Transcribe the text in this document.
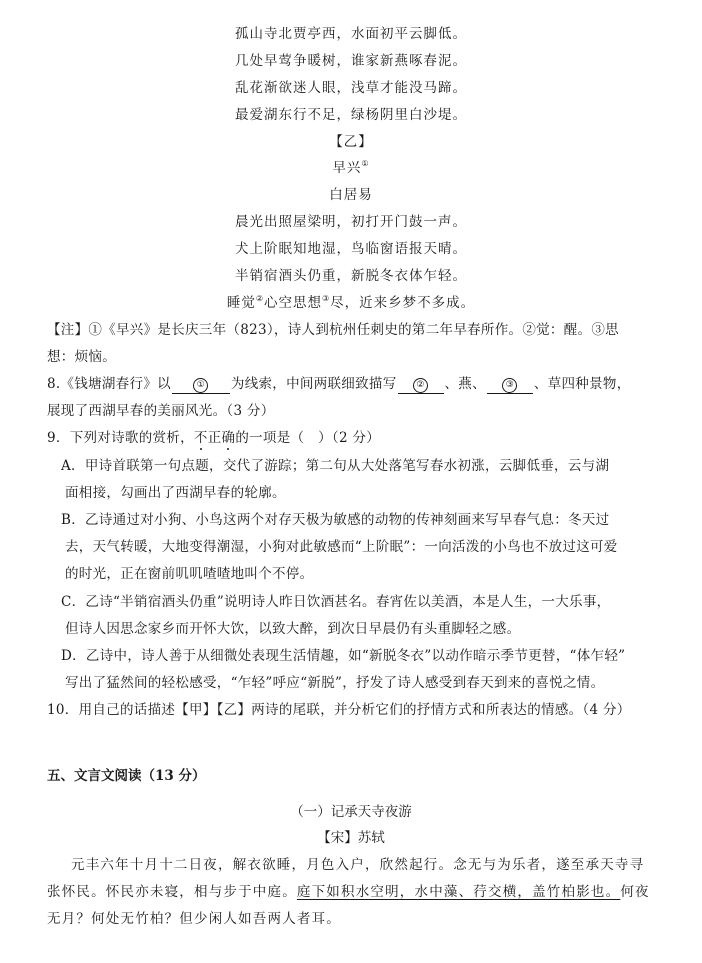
孤山寺北贾亭西，水面初平云脚低。
几处早莺争暖树，谁家新燕啄春泥。
乱花渐欲迷人眼，浅草才能没马蹄。
最爱湖东行不足，绿杨阴里白沙堤。
【乙】
早兴①
白居易
晨光出照屋梁明，初打开门鼓一声。
犬上阶眠知地湿，鸟临窗语报天晴。
半销宿酒头仍重，新脱冬衣体乍轻。
睡觉②心空思想③尽，近来乡梦不多成。
【注】①《早兴》是长庆三年（823），诗人到杭州任刺史的第二年早春所作。②觉：醒。③思
想：烦恼。
8.《钱塘湖春行》以	① 为线索，中间两联细致描写 ② 、燕、 ③ 、草四种景物，
展现了西湖早春的美丽风光。（3 分）
9．下列对诗歌的赏析，不正确的一项是（　）（2 分）
A．甲诗首联第一句点题，交代了游踪；第二句从大处落笔写春水初涨，云脚低垂，云与湖
面相接，勾画出了西湖早春的轮廓。
B．乙诗通过对小狗、小鸟这两个对存天极为敏感的动物的传神刻画来写早春气息：冬天过
去，天气转暖，大地变得潮湿，小狗对此敏感而“上阶眠”：一向活泼的小鸟也不放过这可爱
的时光，正在窗前叽叽喳喳地叫个不停。
C．乙诗“半销宿酒头仍重”说明诗人昨日饮酒甚名。春宵佐以美酒，本是人生，一大乐事，
但诗人因思念家乡而开怀大饮，以致大醉，到次日早晨仍有头重脚轻之感。
D．乙诗中，诗人善于从细微处表现生活情趣，如“新脱冬衣”以动作暗示季节更替，“体乍轻”
写出了猛然间的轻松感受，“乍轻”呼应“新脱”，抒发了诗人感受到春天到来的喜悦之情。
10．用自己的话描述【甲】【乙】两诗的尾联，并分析它们的抒情方式和所表达的情感。（4 分）
五、文言文阅读（13 分）
（一）记承天寺夜游
【宋】苏轼
元丰六年十月十二日夜，解衣欲睡，月色入户，欣然起行。念无与为乐者，遂至承天寺寻
张怀民。怀民亦未寝，相与步于中庭。庭下如积水空明，水中藻、荇交横，盖竹柏影也。何夜
无月？何处无竹柏？但少闲人如吾两人者耳。
